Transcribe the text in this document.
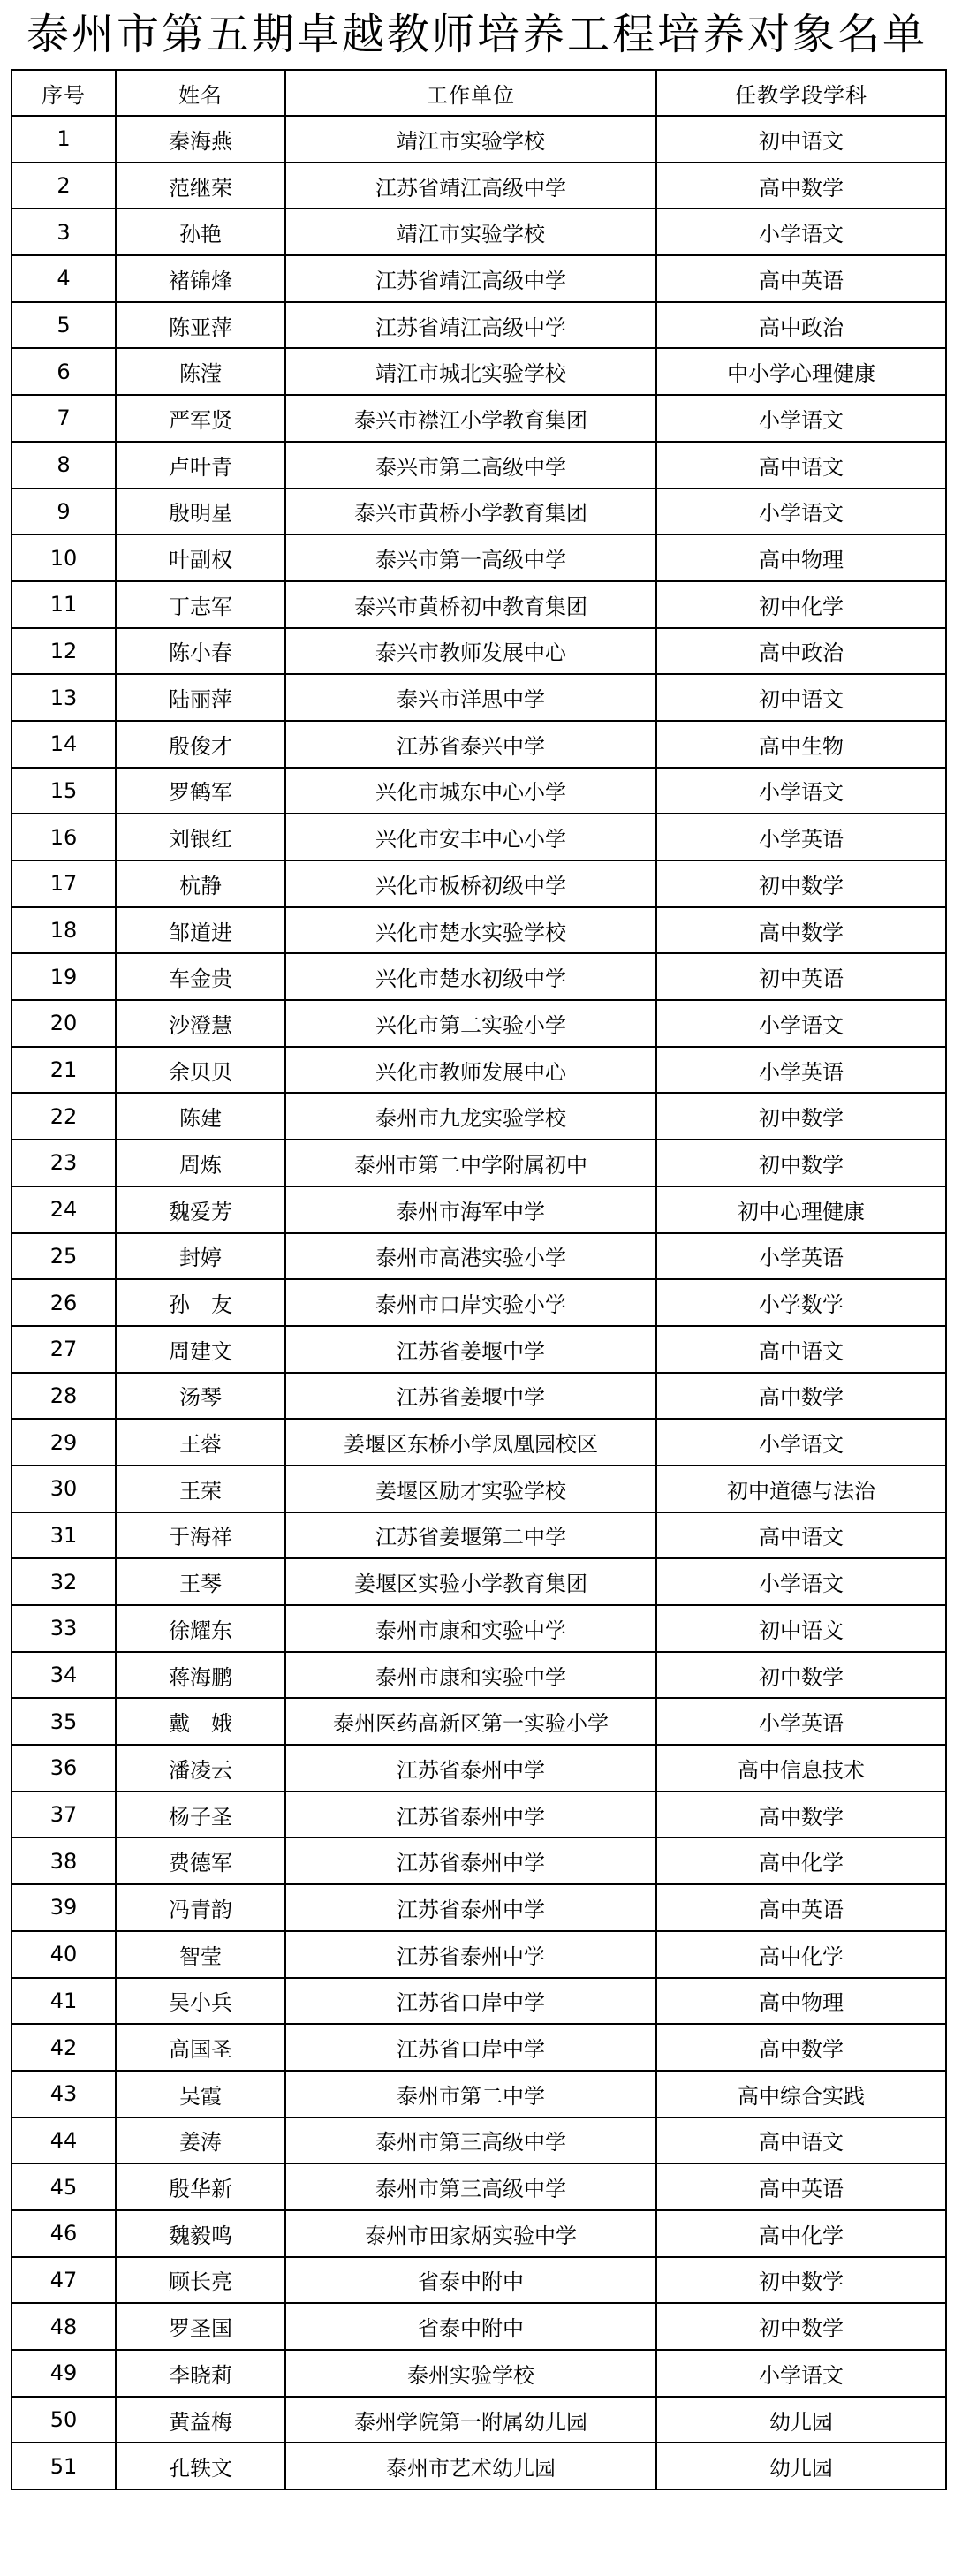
泰州市第五期卓越教师培养工程培养对象名单
序号	姓名	工作单位	任教学段学科
1	秦海燕	靖江市实验学校	初中语文
2	范继荣	江苏省靖江高级中学	高中数学
3	孙艳	靖江市实验学校	小学语文
4	褚锦烽	江苏省靖江高级中学	高中英语
5	陈亚萍	江苏省靖江高级中学	高中政治
6	陈滢	靖江市城北实验学校	中小学心理健康
7	严军贤	泰兴市襟江小学教育集团	小学语文
8	卢叶青	泰兴市第二高级中学	高中语文
9	殷明星	泰兴市黄桥小学教育集团	小学语文
10	叶副权	泰兴市第一高级中学	高中物理
11	丁志军	泰兴市黄桥初中教育集团	初中化学
12	陈小春	泰兴市教师发展中心	高中政治
13	陆丽萍	泰兴市洋思中学	初中语文
14	殷俊才	江苏省泰兴中学	高中生物
15	罗鹤军	兴化市城东中心小学	小学语文
16	刘银红	兴化市安丰中心小学	小学英语
17	杭静	兴化市板桥初级中学	初中数学
18	邹道进	兴化市楚水实验学校	高中数学
19	车金贵	兴化市楚水初级中学	初中英语
20	沙澄慧	兴化市第二实验小学	小学语文
21	余贝贝	兴化市教师发展中心	小学英语
22	陈建	泰州市九龙实验学校	初中数学
23	周炼	泰州市第二中学附属初中	初中数学
24	魏爱芳	泰州市海军中学	初中心理健康
25	封婷	泰州市高港实验小学	小学英语
26	孙　友	泰州市口岸实验小学	小学数学
27	周建文	江苏省姜堰中学	高中语文
28	汤琴	江苏省姜堰中学	高中数学
29	王蓉	姜堰区东桥小学凤凰园校区	小学语文
30	王荣	姜堰区励才实验学校	初中道德与法治
31	于海祥	江苏省姜堰第二中学	高中语文
32	王琴	姜堰区实验小学教育集团	小学语文
33	徐耀东	泰州市康和实验中学	初中语文
34	蒋海鹏	泰州市康和实验中学	初中数学
35	戴　娥	泰州医药高新区第一实验小学	小学英语
36	潘凌云	江苏省泰州中学	高中信息技术
37	杨子圣	江苏省泰州中学	高中数学
38	费德军	江苏省泰州中学	高中化学
39	冯青韵	江苏省泰州中学	高中英语
40	智莹	江苏省泰州中学	高中化学
41	吴小兵	江苏省口岸中学	高中物理
42	高国圣	江苏省口岸中学	高中数学
43	吴霞	泰州市第二中学	高中综合实践
44	姜涛	泰州市第三高级中学	高中语文
45	殷华新	泰州市第三高级中学	高中英语
46	魏毅鸣	泰州市田家炳实验中学	高中化学
47	顾长亮	省泰中附中	初中数学
48	罗圣国	省泰中附中	初中数学
49	李晓莉	泰州实验学校	小学语文
50	黄益梅	泰州学院第一附属幼儿园	幼儿园
51	孔轶文	泰州市艺术幼儿园	幼儿园
